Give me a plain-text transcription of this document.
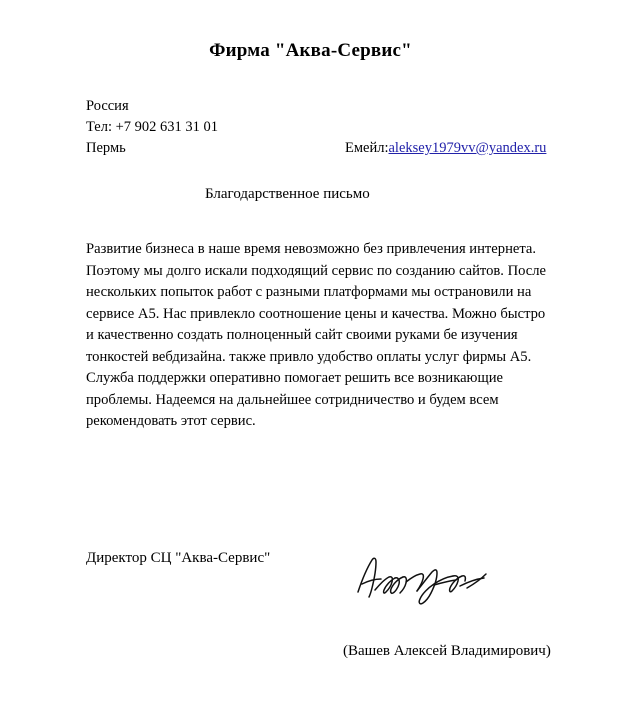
Фирма "Аква-Сервис"
Россия
Тел: +7 902 631 31 01
Пермь	Емейл:aleksey1979vv@yandex.ru
Благодарственное письмо

Развитие бизнеса в наше время невозможно без привлечения интернета.

Поэтому мы долго искали подходящий сервис по созданию сайтов. После

нескольких попыток работ с разными платформами мы остранoвили на

сервисе А5. Нас привлекло соотношение цены и качества. Можно быстро

и качественно создать полноценный сайт своими руками бе изучения

тонкостей вебдизайна. также привло удобство оплаты услуг фирмы А5.

Служба поддержки оперативно помогает решить все возникающие

проблемы. Надеемся на дальнейшее сотридничество и будем всем

рекомендовать этот сервис.

Директор СЦ "Аква-Сервис"
(Вашев Алексей Владимирович)
